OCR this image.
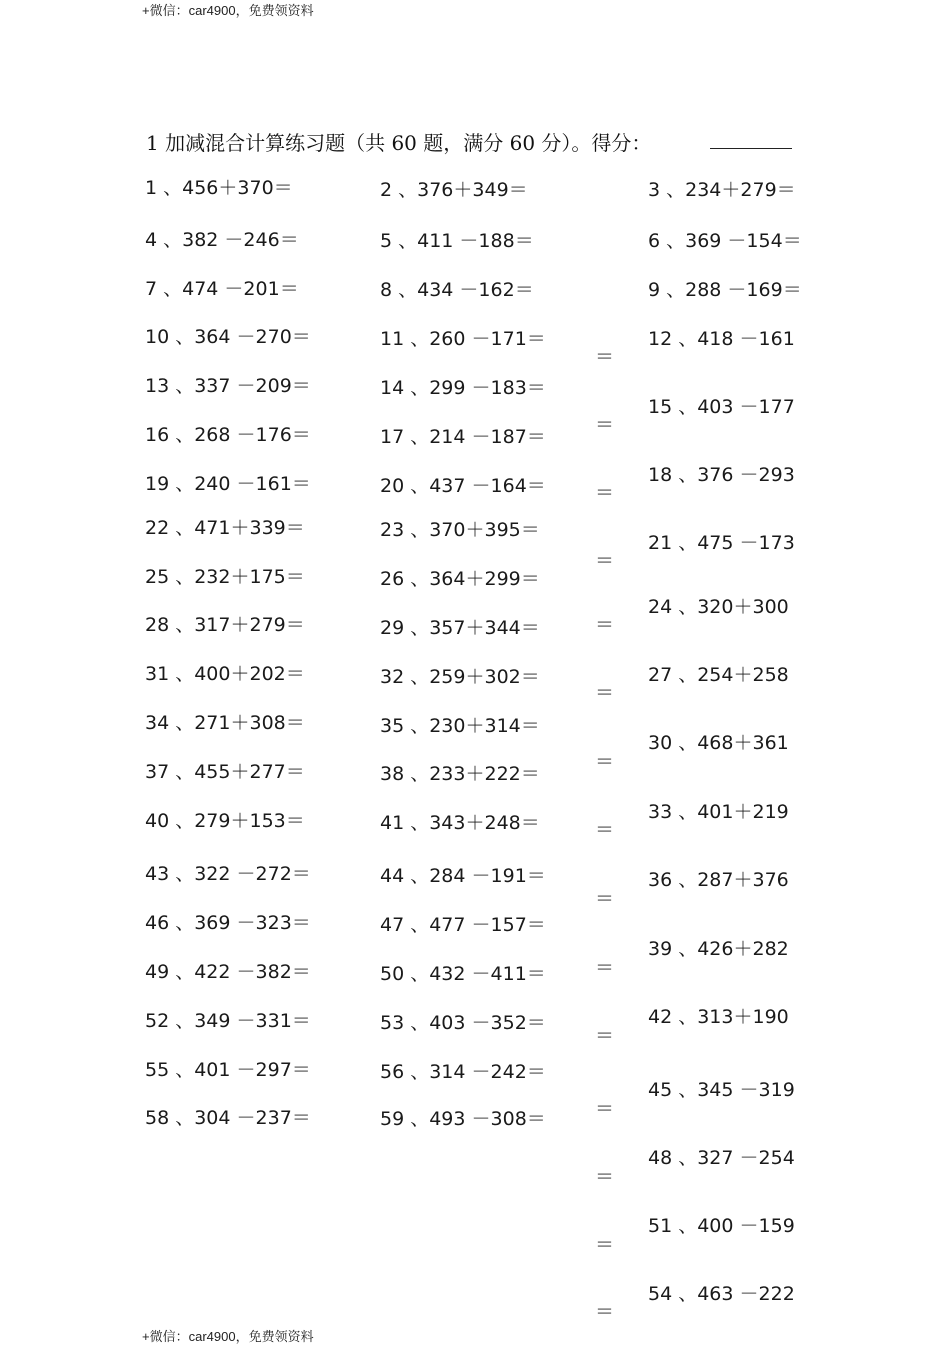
+微信：car4900，免费领资料
1 加减混合计算练习题（共 60 题，满分 60 分）。得分：
1 、456＋370＝
4 、382 －246＝
7 、474 －201＝
10 、364 －270＝
13 、337 －209＝
16 、268 －176＝
19 、240 －161＝
22 、471＋339＝
25 、232＋175＝
28 、317＋279＝
31 、400＋202＝
34 、271＋308＝
37 、455＋277＝
40 、279＋153＝
43 、322 －272＝
46 、369 －323＝
49 、422 －382＝
52 、349 －331＝
55 、401 －297＝
58 、304 －237＝
2 、376＋349＝
5 、411 －188＝
8 、434 －162＝
11 、260 －171＝
14 、299 －183＝
17 、214 －187＝
20 、437 －164＝
23 、370＋395＝
26 、364＋299＝
29 、357＋344＝
32 、259＋302＝
35 、230＋314＝
38 、233＋222＝
41 、343＋248＝
44 、284 －191＝
47 、477 －157＝
50 、432 －411＝
53 、403 －352＝
56 、314 －242＝
59 、493 －308＝
3 、234＋279＝
6 、369 －154＝
9 、288 －169＝
12 、418 －161
15 、403 －177
18 、376 －293
21 、475 －173
24 、320＋300
27 、254＋258
30 、468＋361
33 、401＋219
36 、287＋376
39 、426＋282
42 、313＋190
45 、345 －319
48 、327 －254
51 、400 －159
54 、463 －222
＝
＝
＝
＝
＝
＝
＝
＝
＝
＝
＝
＝
＝
＝
＝
+微信：car4900，免费领资料
